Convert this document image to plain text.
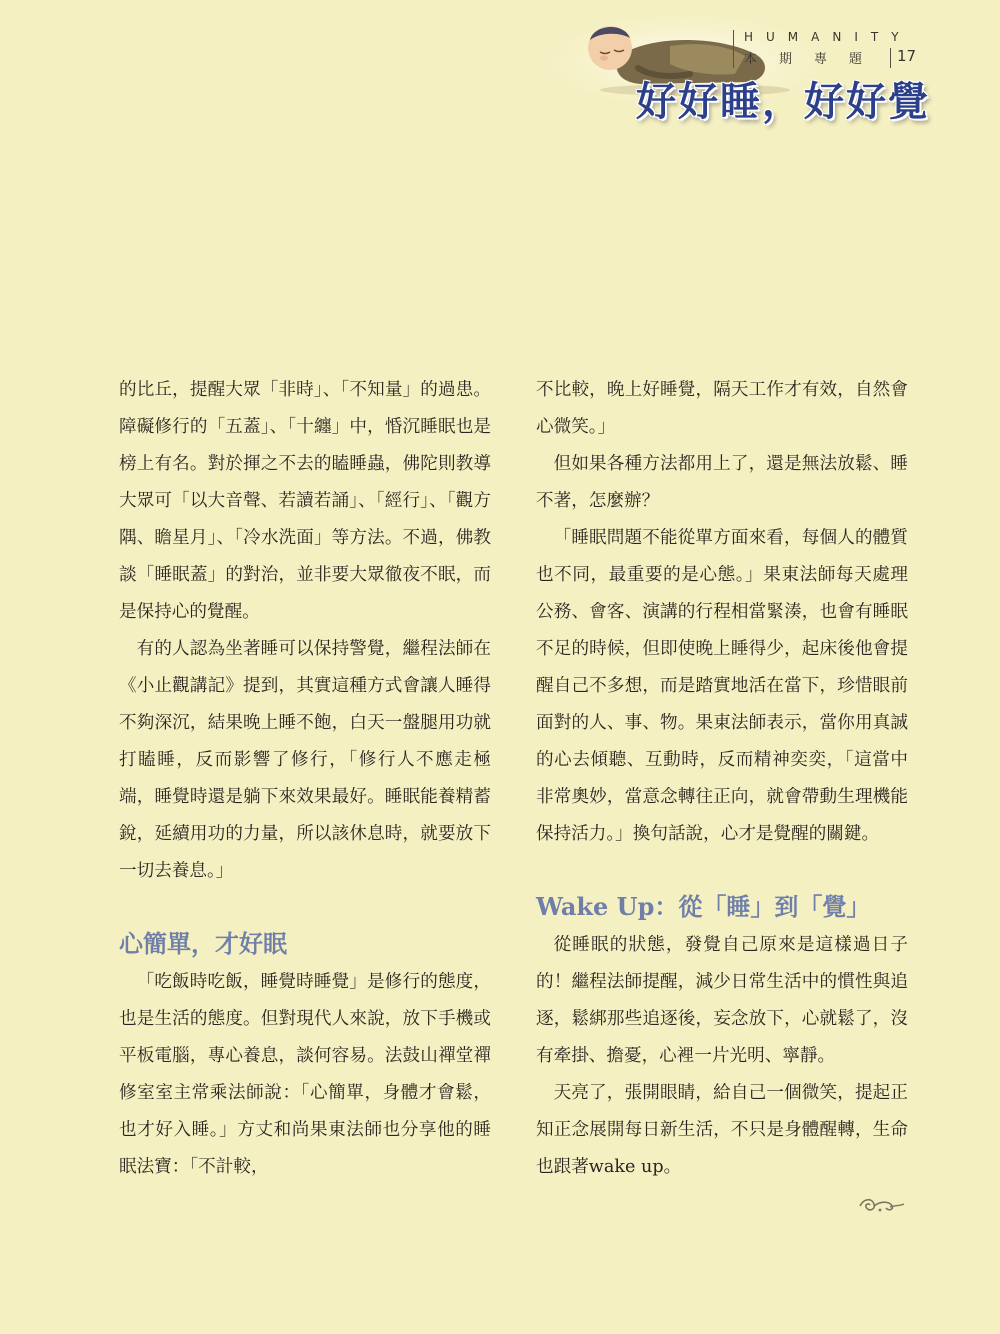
HUMANITY
本期專題 17
好好睡，好好覺

的比丘，提醒大眾「非時」、「不知量」的過患。障礙修行的「五蓋」、「十纏」中，惛沉睡眠也是榜上有名。對於揮之不去的瞌睡蟲，佛陀則教導大眾可「以大音聲、若讀若誦」、「經行」、「觀方隅、瞻星月」、「冷水洗面」等方法。不過，佛教談「睡眠蓋」的對治，並非要大眾徹夜不眠，而是保持心的覺醒。

有的人認為坐著睡可以保持警覺，繼程法師在《小止觀講記》提到，其實這種方式會讓人睡得不夠深沉，結果晚上睡不飽，白天一盤腿用功就打瞌睡，反而影響了修行，「修行人不應走極端，睡覺時還是躺下來效果最好。睡眠能養精蓄銳，延續用功的力量，所以該休息時，就要放下一切去養息。」

心簡單，才好眠

「吃飯時吃飯，睡覺時睡覺」是修行的態度，也是生活的態度。但對現代人來說，放下手機或平板電腦，專心養息，談何容易。法鼓山禪堂禪修室室主常乘法師說：「心簡單，身體才會鬆，也才好入睡。」方丈和尚果東法師也分享他的睡眠法寶：「不計較，

不比較，晚上好睡覺，隔天工作才有效，自然會心微笑。」

但如果各種方法都用上了，還是無法放鬆、睡不著，怎麼辦？

「睡眠問題不能從單方面來看，每個人的體質也不同，最重要的是心態。」果東法師每天處理公務、會客、演講的行程相當緊湊，也會有睡眠不足的時候，但即使晚上睡得少，起床後他會提醒自己不多想，而是踏實地活在當下，珍惜眼前面對的人、事、物。果東法師表示，當你用真誠的心去傾聽、互動時，反而精神奕奕，「這當中非常奧妙，當意念轉往正向，就會帶動生理機能保持活力。」換句話說，心才是覺醒的關鍵。

Wake Up：從「睡」到「覺」

從睡眠的狀態，發覺自己原來是這樣過日子的！繼程法師提醒，減少日常生活中的慣性與追逐，鬆綁那些追逐後，妄念放下，心就鬆了，沒有牽掛、擔憂，心裡一片光明、寧靜。

天亮了，張開眼睛，給自己一個微笑，提起正知正念展開每日新生活，不只是身體醒轉，生命也跟著wake up。
